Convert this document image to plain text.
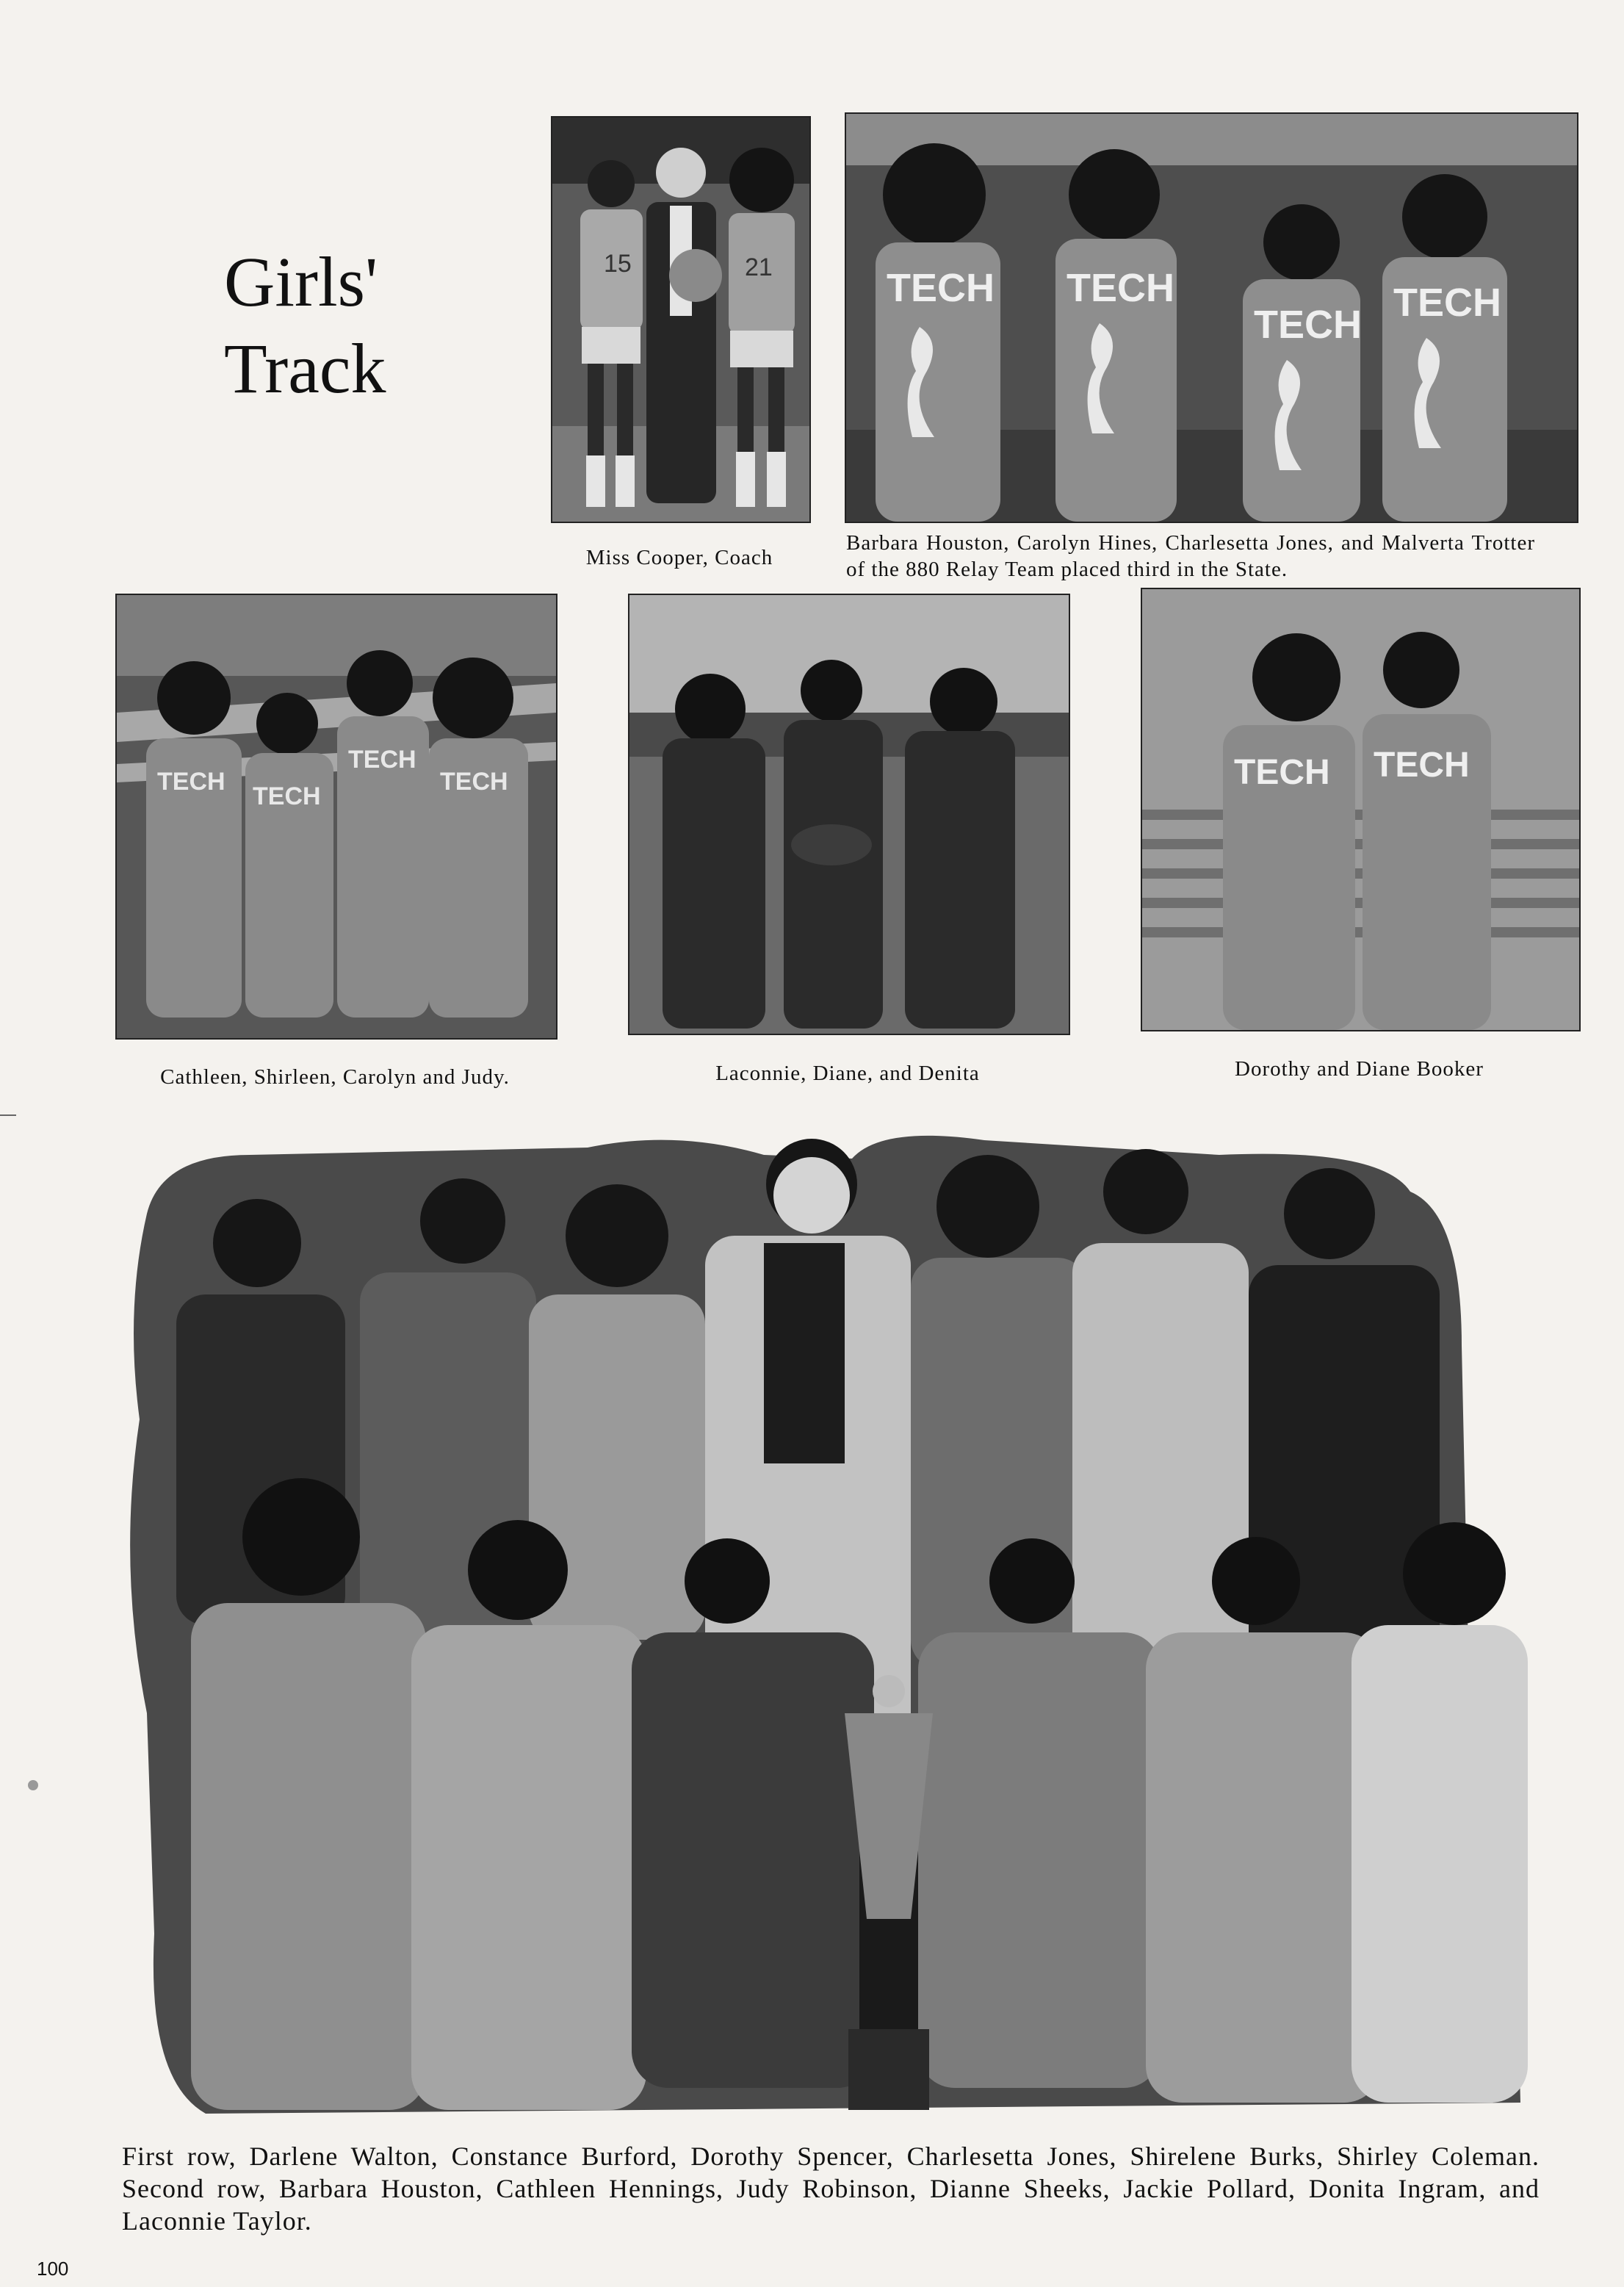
Girls'
Track
15	21
Miss Cooper, Coach
TECH TECH
TECH TECH
Barbara Houston, Carolyn Hines, Charlesetta Jones, and Malverta Trotter of the 880 Relay Team placed third in the State.
TECH
TECH
TECH
TECH
Cathleen, Shirleen, Carolyn and Judy.	Laconnie, Diane, and Denita
TECH TECH
Dorothy and Diane Booker
First row, Darlene Walton, Constance Burford, Dorothy Spencer, Charlesetta Jones, Shirelene Burks, Shirley Coleman. Second row, Barbara Houston, Cathleen Hennings, Judy Robinson, Dianne Sheeks, Jackie Pollard, Donita Ingram, and Laconnie Taylor.
100
